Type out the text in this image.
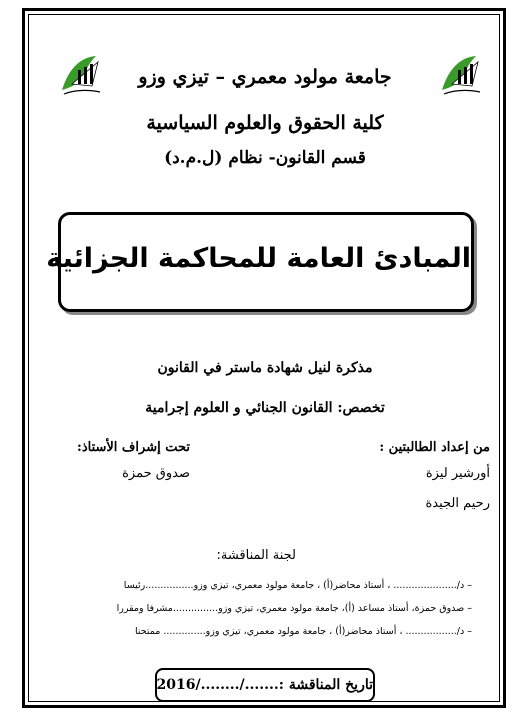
جامعة مولود معمري – تيزي وزو
كلية الحقوق والعلوم السياسية
قسم القانون- نظام (ل.م.د)
المبادئ العامة للمحاكمة الجزائية
مذكرة لنيل شهادة ماستر في القانون
تخصص: القانون الجنائي و العلوم إجرامية
من إعداد الطالبتين :
أورشير ليزة
رحيم الجيدة
تحت إشراف الأستاذ:
صدوق حمزة
لجنة المناقشة:
– د/..................... ، أستاذ محاضر(أ) ، جامعة مولود معمري، تيزي وزو................رئيسا
– صدوق حمزة، أستاذ مساعد (أ)، جامعة مولود معمري، تيزي وزو...............مشرفا ومقررا
– د/................. ، أستاذ محاضر(أ) ، جامعة مولود معمري، تيزي وزو.............. ممتحنا
تاريخ المناقشة :......./......../2016
